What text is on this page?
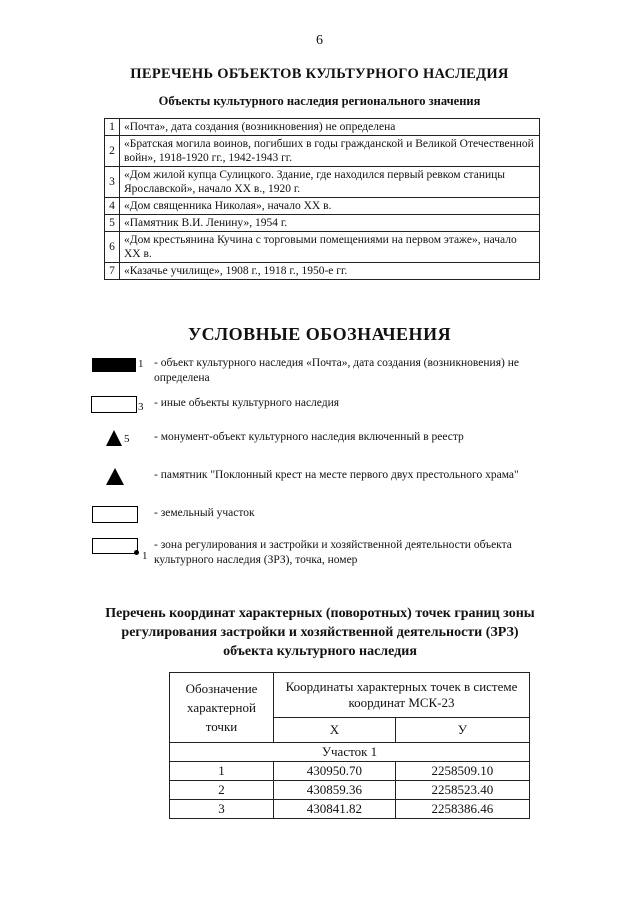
6
ПЕРЕЧЕНЬ ОБЪЕКТОВ КУЛЬТУРНОГО НАСЛЕДИЯ
Объекты культурного наследия регионального значения
1	«Почта», дата создания (возникновения) не определена
2	«Братская могила воинов, погибших в годы гражданской и Великой Отечественной войн», 1918-1920 гг., 1942-1943 гг.
3	«Дом жилой купца Сулицкого. Здание, где находился первый ревком станицы Ярославской», начало XX в., 1920 г.
4	«Дом священника Николая», начало XX в.
5	«Памятник В.И. Ленину», 1954 г.
6	«Дом крестьянина Кучина с торговыми помещениями на первом этаже», начало XX в.
7	«Казачье училище», 1908 г., 1918 г., 1950-е гг.
УСЛОВНЫЕ ОБОЗНАЧЕНИЯ
1 - объект культурного наследия «Почта», дата создания (возникновения) не определена
3 - иные объекты культурного наследия
5 - монумент-объект культурного наследия включенный в реестр
- памятник "Поклонный крест на месте первого двух престольного храма"
- земельный участок
1
- зона регулирования и застройки и хозяйственной деятельности объекта культурного наследия (ЗРЗ), точка, номер
Перечень координат характерных (поворотных) точек границ зоны регулирования застройки и хозяйственной деятельности (ЗРЗ) объекта культурного наследия
Обозначение характерной точки	Координаты характерных точек в системе координат МСК-23	
	Х	У
Участок 1		
1	430950.70	2258509.10
2	430859.36	2258523.40
3	430841.82	2258386.46
